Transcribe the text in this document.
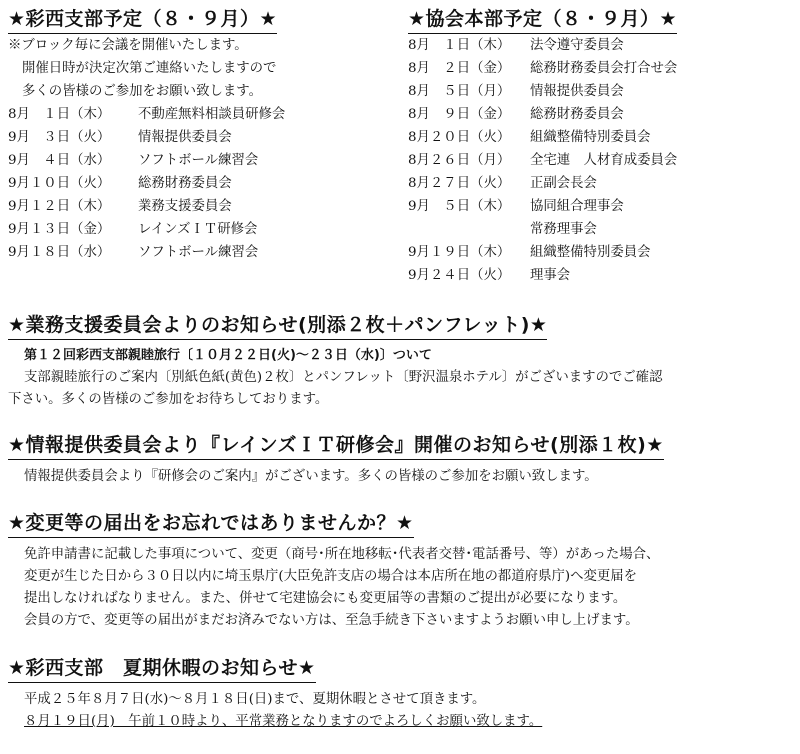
★彩西支部予定（８・９月）★
※ブロック毎に会議を開催いたします。
開催日時が決定次第ご連絡いたしますので
多くの皆様のご参加をお願い致します。
8月　１日（木）	不動産無料相談員研修会
9月　３日（火）	情報提供委員会
9月　４日（水）	ソフトボール練習会
9月１０日（火）	総務財務委員会
9月１２日（木）	業務支援委員会
9月１３日（金）	レインズＩＴ研修会
9月１８日（水）	ソフトボール練習会
★協会本部予定（８・９月）★
8月　１日（木）	法令遵守委員会
8月　２日（金）	総務財務委員会打合せ会
8月　５日（月）	情報提供委員会
8月　９日（金）	総務財務委員会
8月２０日（火）	組織整備特別委員会
8月２６日（月）	全宅連　人材育成委員会
8月２７日（火）	正副会長会
9月　５日（木）	協同組合理事会
常務理事会
9月１９日（木）	組織整備特別委員会
9月２４日（火）	理事会
★業務支援委員会よりのお知らせ(別添２枚＋パンフレット)★
第１２回彩西支部親睦旅行〔１０月２２日(火)～２３日（水)〕ついて
支部親睦旅行のご案内〔別紙色紙(黄色)２枚〕とパンフレット〔野沢温泉ホテル〕がございますのでご確認
下さい。多くの皆様のご参加をお待ちしております。
★情報提供委員会より『レインズＩＴ研修会』開催のお知らせ(別添１枚)★
情報提供委員会より『研修会のご案内』がございます。多くの皆様のご参加をお願い致します。
★変更等の届出をお忘れではありませんか？★
免許申請書に記載した事項について、変更（商号･所在地移転･代表者交替･電話番号、等）があった場合、
変更が生じた日から３０日以内に埼玉県庁(大臣免許支店の場合は本店所在地の都道府県庁)へ変更届を
提出しなければなりません。また、併せて宅建協会にも変更届等の書類のご提出が必要になります。
会員の方で、変更等の届出がまだお済みでない方は、至急手続き下さいますようお願い申し上げます。
★彩西支部　夏期休暇のお知らせ★
平成２５年８月７日(水)～８月１８日(日)まで、夏期休暇とさせて頂きます。
８月１９日(月)　午前１０時より、平常業務となりますのでよろしくお願い致します。
